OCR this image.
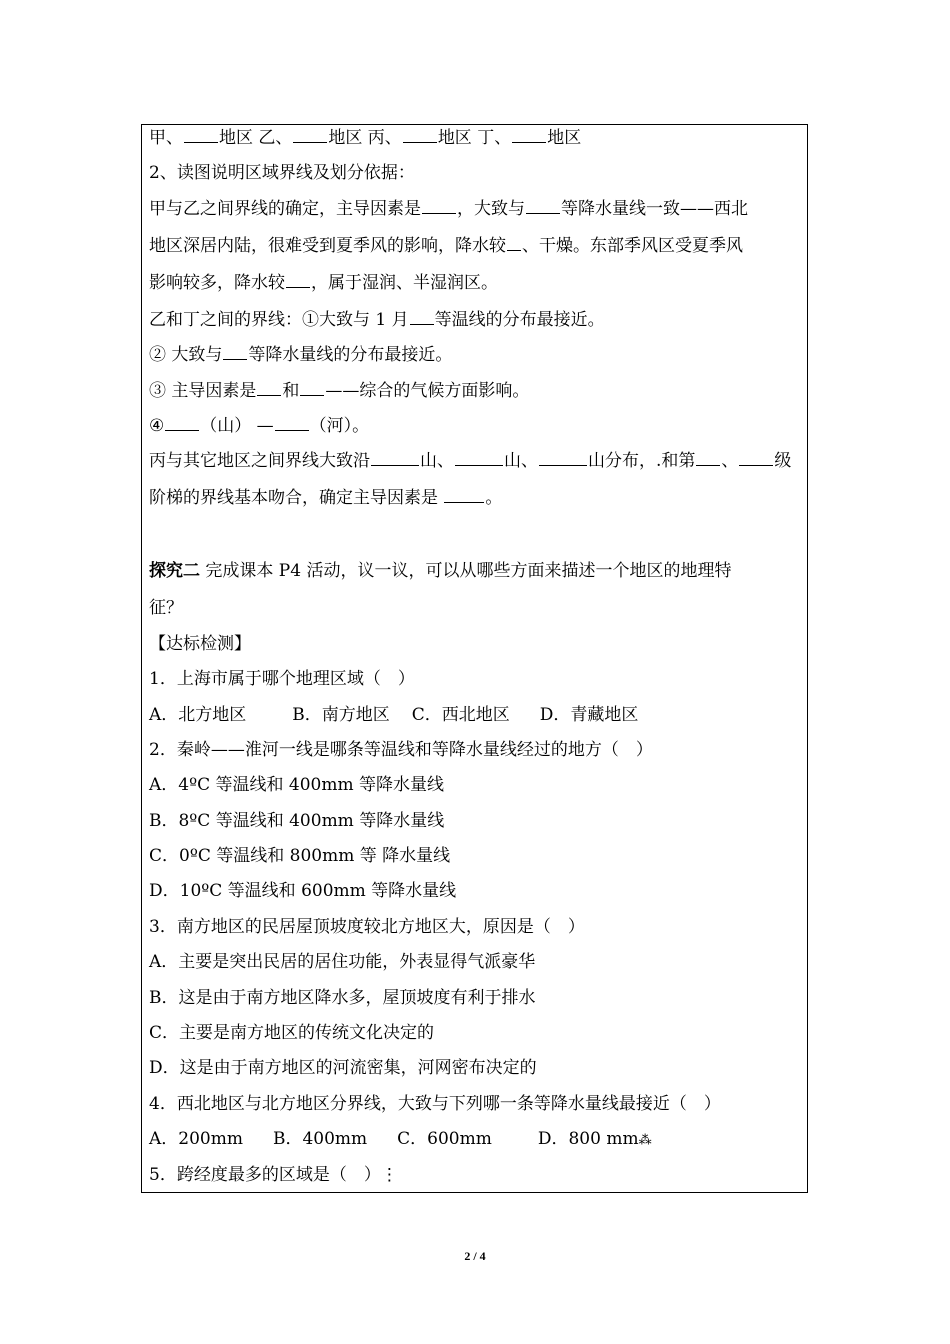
甲、 地区 乙、 地区 丙、 地区 丁、 地区
2、读图说明区域界线及划分依据：
甲与乙之间界线的确定，主导因素是 ，大致与 等降水量线一致——西北
地区深居内陆，很难受到夏季风的影响，降水较 、干燥。东部季风区受夏季风
影响较多，降水较 ，属于湿润、半湿润区。
乙和丁之间的界线：①大致与 1 月 等温线的分布最接近。
② 大致与 等降水量线的分布最接近。
③ 主导因素是 和 ——综合的气候方面影响。
④ （山） — （河）。
丙与其它地区之间界线大致沿	山、	山、	山分布，.和第 、 级
阶梯的界线基本吻合，确定主导因素是 。
探究二 完成课本 P4 活动，议一议，可以从哪些方面来描述一个地区的地理特
征？
【达标检测】
1．上海市属于哪个地理区域（　）
A．北方地区	B．南方地区 C．西北地区 D．青藏地区
2．秦岭——淮河一线是哪条等温线和等降水量线经过的地方（　）
A．4ºC 等温线和 400mm 等降水量线
B．8ºC 等温线和 400mm 等降水量线
C．0ºC 等温线和 800mm 等 降水量线
D．10ºC 等温线和 600mm 等降水量线
3．南方地区的民居屋顶坡度较北方地区大，原因是（　）
A．主要是突出民居的居住功能，外表显得气派豪华
B．这是由于南方地区降水多，屋顶坡度有利于排水
C．主要是南方地区的传统文化决定的
D．这是由于南方地区的河流密集，河网密布决定的
4．西北地区与北方地区分界线，大致与下列哪一条等降水量线最接近（　）
A．200mm B．400mm C．600mm	D．800 mm⁂
5．跨经度最多的区域是（　）⋮
2 / 4
